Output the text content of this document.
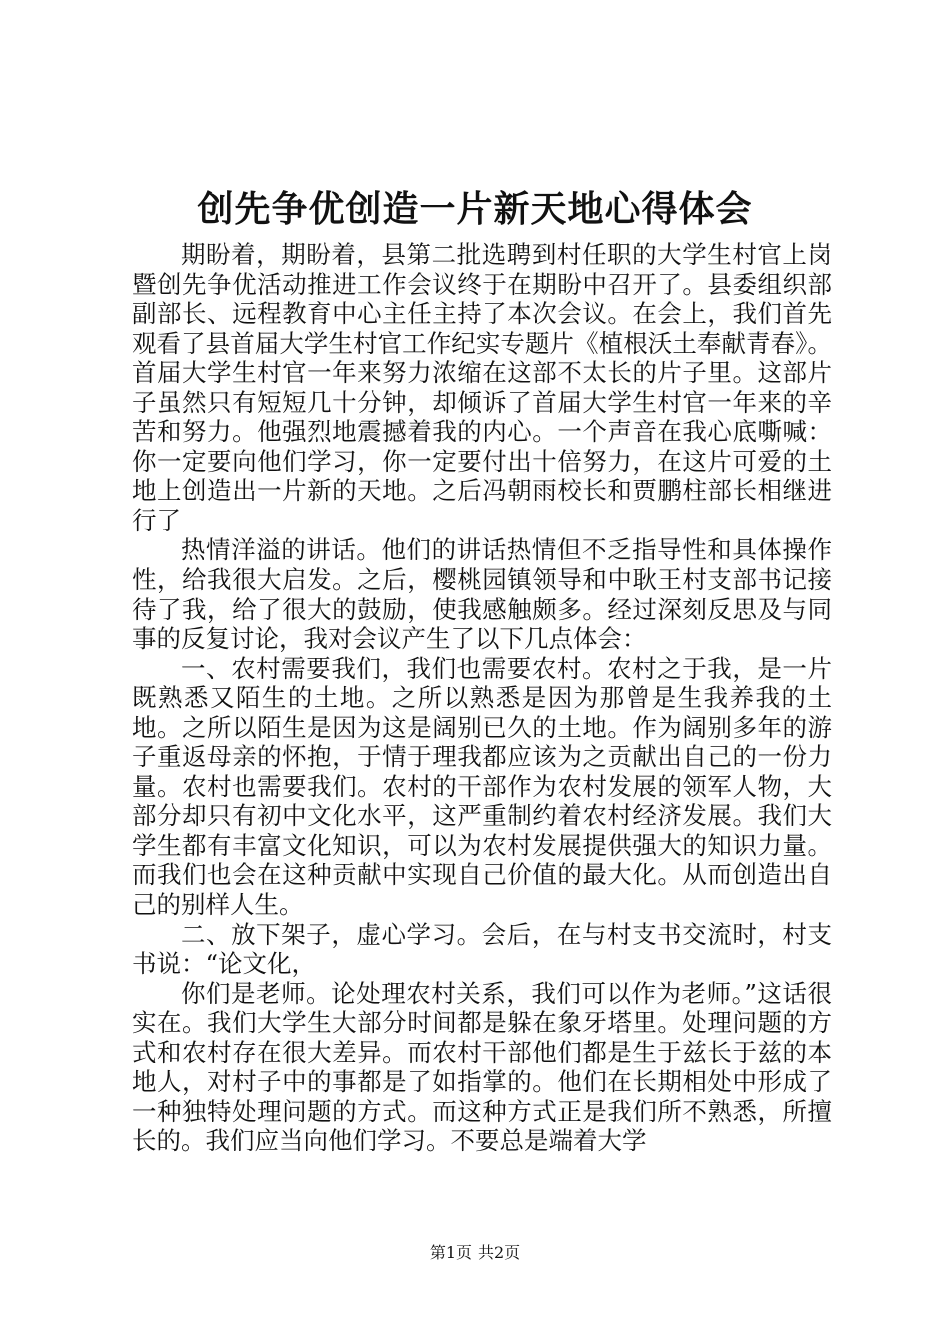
创先争优创造一片新天地心得体会

期盼着，期盼着，县第二批选聘到村任职的大学生村官上岗暨创先争优活动推进工作会议终于在期盼中召开了。县委组织部副部长、远程教育中心主任主持了本次会议。在会上，我们首先观看了县首届大学生村官工作纪实专题片《植根沃土奉献青春》。首届大学生村官一年来努力浓缩在这部不太长的片子里。这部片子虽然只有短短几十分钟，却倾诉了首届大学生村官一年来的辛苦和努力。他强烈地震撼着我的内心。一个声音在我心底嘶喊：你一定要向他们学习，你一定要付出十倍努力，在这片可爱的土地上创造出一片新的天地。之后冯朝雨校长和贾鹏柱部长相继进行了

热情洋溢的讲话。他们的讲话热情但不乏指导性和具体操作性，给我很大启发。之后，樱桃园镇领导和中耿王村支部书记接待了我，给了很大的鼓励，使我感触颇多。经过深刻反思及与同事的反复讨论，我对会议产生了以下几点体会：

一、农村需要我们，我们也需要农村。农村之于我，是一片既熟悉又陌生的土地。之所以熟悉是因为那曾是生我养我的土地。之所以陌生是因为这是阔别已久的土地。作为阔别多年的游子重返母亲的怀抱，于情于理我都应该为之贡献出自己的一份力量。农村也需要我们。农村的干部作为农村发展的领军人物，大部分却只有初中文化水平，这严重制约着农村经济发展。我们大学生都有丰富文化知识，可以为农村发展提供强大的知识力量。而我们也会在这种贡献中实现自己价值的最大化。从而创造出自己的别样人生。

二、放下架子，虚心学习。会后，在与村支书交流时，村支书说：“论文化，

你们是老师。论处理农村关系，我们可以作为老师。”这话很实在。我们大学生大部分时间都是躲在象牙塔里。处理问题的方式和农村存在很大差异。而农村干部他们都是生于兹长于兹的本地人，对村子中的事都是了如指掌的。他们在长期相处中形成了一种独特处理问题的方式。而这种方式正是我们所不熟悉，所擅长的。我们应当向他们学习。不要总是端着大学

第1页 共2页
